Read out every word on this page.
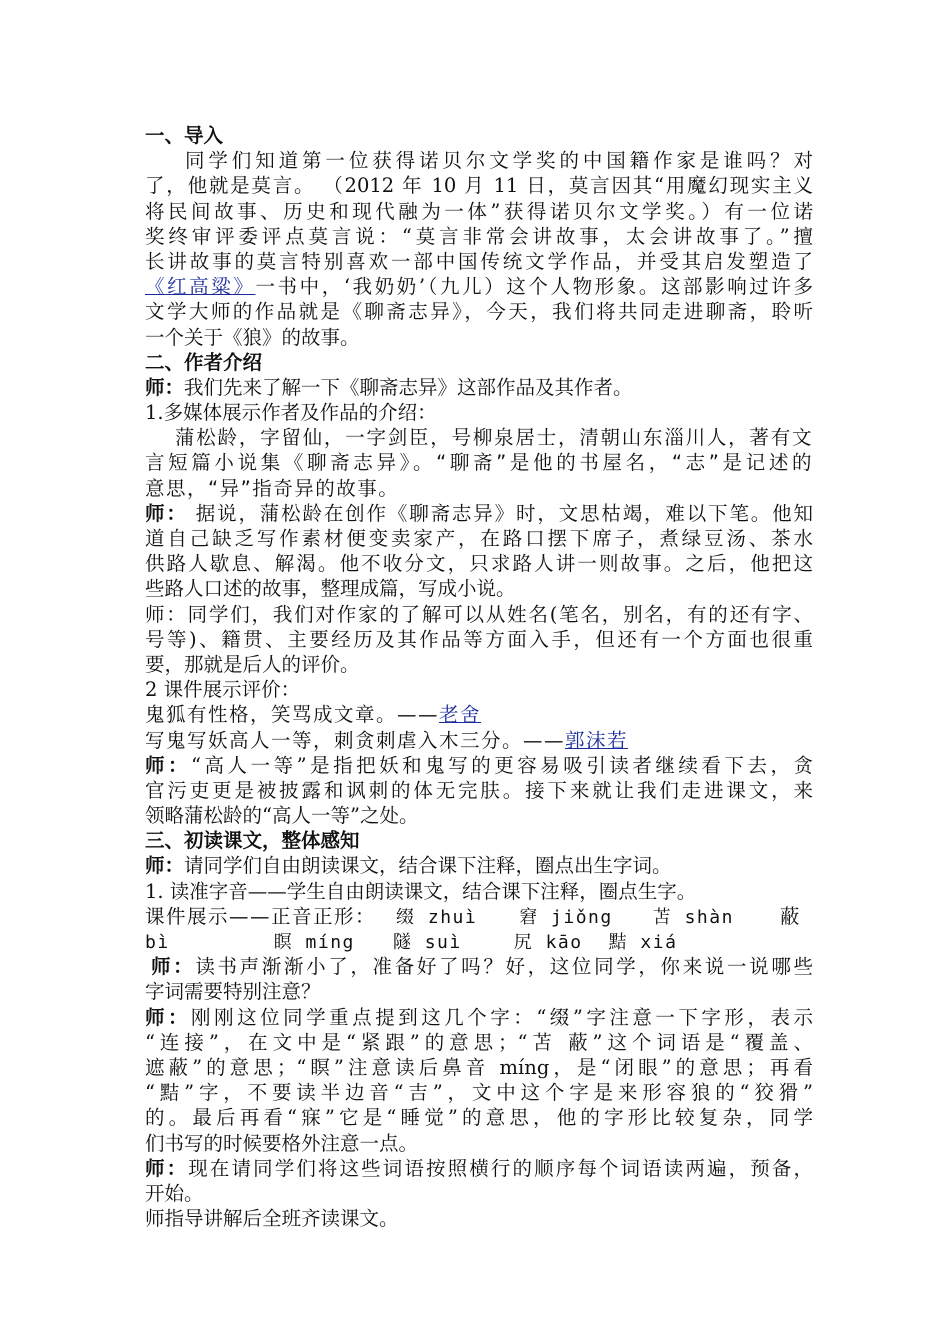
一、导入
同学们知道第一位获得诺贝尔文学奖的中国籍作家是谁吗？对
了，他就是莫言。 （2012 年 10 月 11 日，莫言因其“用魔幻现实主义
将民间故事、历史和现代融为一体”获得诺贝尔文学奖。）有一位诺
奖终审评委评点莫言说：“莫言非常会讲故事，太会讲故事了。”擅
长讲故事的莫言特别喜欢一部中国传统文学作品，并受其启发塑造了
《红高粱》一书中，‘我奶奶’（九儿）这个人物形象。这部影响过许多
文学大师的作品就是《聊斋志异》，今天，我们将共同走进聊斋，聆听
一个关于《狼》的故事。
二、作者介绍
师：我们先来了解一下《聊斋志异》这部作品及其作者。
1.多媒体展示作者及作品的介绍：
蒲松龄，字留仙，一字剑臣，号柳泉居士，清朝山东淄川人，著有文
言短篇小说集《聊斋志异》。“聊斋”是他的书屋名，“志”是记述的
意思，“异”指奇异的故事。
师： 据说，蒲松龄在创作《聊斋志异》时，文思枯竭，难以下笔。他知
道自己缺乏写作素材便变卖家产，在路口摆下席子，煮绿豆汤、茶水
供路人歇息、解渴。他不收分文，只求路人讲一则故事。之后，他把这
些路人口述的故事，整理成篇，写成小说。
师：同学们，我们对作家的了解可以从姓名(笔名，别名，有的还有字、
号等)、籍贯、主要经历及其作品等方面入手，但还有一个方面也很重
要，那就是后人的评价。
2 课件展示评价：
鬼狐有性格，笑骂成文章。——老舍
写鬼写妖高人一等，刺贪刺虐入木三分。——郭沫若
师：“高人一等”是指把妖和鬼写的更容易吸引读者继续看下去，贪
官污吏更是被披露和讽刺的体无完肤。接下来就让我们走进课文，来
领略蒲松龄的“高人一等”之处。
三、初读课文，整体感知
师：请同学们自由朗读课文，结合课下注释，圈点出生字词。
1. 读准字音——学生自由朗读课文，结合课下注释，圈点生字。
课件展示——正音正形： 缀 zhuì 窘 jiǒng 苫 shàn 蔽
bì	瞑 míng 隧 suì	尻 kāo 黠 xiá
师：读书声渐渐小了，准备好了吗？好，这位同学，你来说一说哪些
字词需要特别注意？
师：刚刚这位同学重点提到这几个字：“缀”字注意一下字形，表示
“连接”，在文中是“紧跟”的意思；“苫 蔽”这个词语是“覆盖、
遮蔽”的意思；“瞑”注意读后鼻音 míng，是“闭眼”的意思；再看
“黠”字，不要读半边音“吉”，文中这个字是来形容狼的“狡猾”
的。最后再看“寐”它是“睡觉”的意思，他的字形比较复杂，同学
们书写的时候要格外注意一点。
师：现在请同学们将这些词语按照横行的顺序每个词语读两遍，预备，
开始。
师指导讲解后全班齐读课文。
